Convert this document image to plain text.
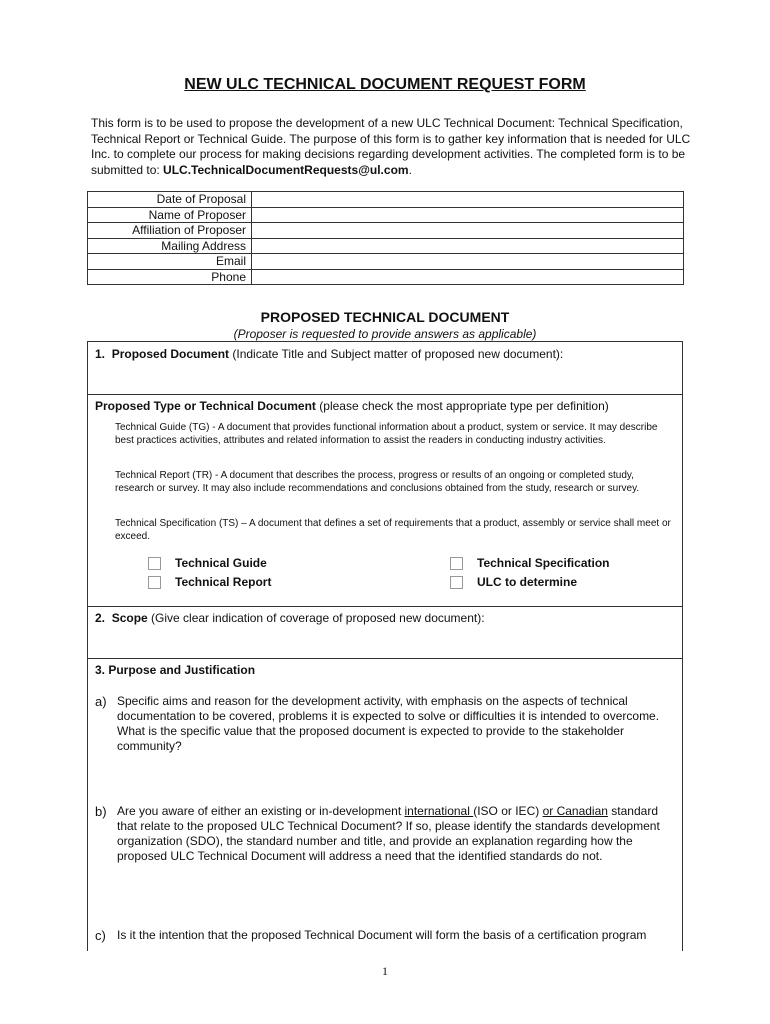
NEW ULC TECHNICAL DOCUMENT REQUEST FORM
This form is to be used to propose the development of a new ULC Technical Document: Technical Specification, Technical Report or Technical Guide. The purpose of this form is to gather key information that is needed for ULC Inc. to complete our process for making decisions regarding development activities. The completed form is to be submitted to: ULC.TechnicalDocumentRequests@ul.com.
Date of Proposal	
Name of Proposer	
Affiliation of Proposer	
Mailing Address	
Email	
Phone	
PROPOSED TECHNICAL DOCUMENT
(Proposer is requested to provide answers as applicable)
1. Proposed Document (Indicate Title and Subject matter of proposed new document):
Proposed Type or Technical Document (please check the most appropriate type per definition)
Technical Guide (TG) - A document that provides functional information about a product, system or service. It may describe best practices activities, attributes and related information to assist the readers in conducting industry activities.
Technical Report (TR) - A document that describes the process, progress or results of an ongoing or completed study, research or survey. It may also include recommendations and conclusions obtained from the study, research or survey.
Technical Specification (TS) – A document that defines a set of requirements that a product, assembly or service shall meet or exceed.
Technical Guide
Technical Report
Technical Specification
ULC to determine
2. Scope (Give clear indication of coverage of proposed new document):
3. Purpose and Justification
a) Specific aims and reason for the development activity, with emphasis on the aspects of technical documentation to be covered, problems it is expected to solve or difficulties it is intended to overcome. What is the specific value that the proposed document is expected to provide to the stakeholder community?
b) Are you aware of either an existing or in-development international (ISO or IEC) or Canadian standard that relate to the proposed ULC Technical Document? If so, please identify the standards development organization (SDO), the standard number and title, and provide an explanation regarding how the proposed ULC Technical Document will address a need that the identified standards do not.
c) Is it the intention that the proposed Technical Document will form the basis of a certification program
1
